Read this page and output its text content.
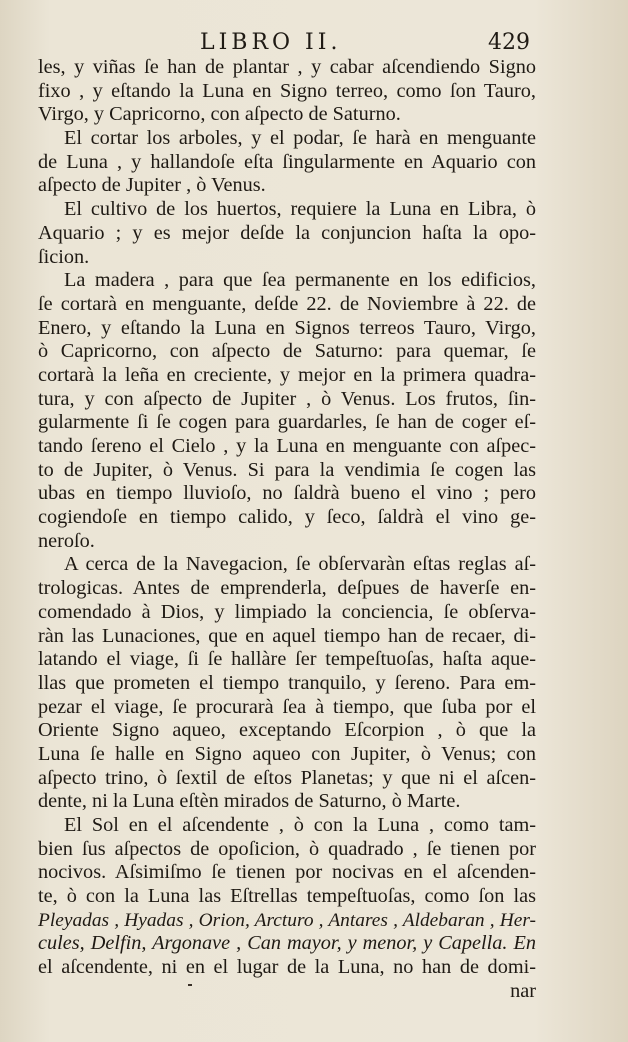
LIBRO II.	429
les, y viñas ſe han de plantar , y cabar aſcendiendo Signo
fixo , y eſtando la Luna en Signo terreo, como ſon Tauro,
Virgo, y Capricorno, con aſpecto de Saturno.
El cortar los arboles, y el podar, ſe harà en menguante
de Luna , y hallandoſe eſta ſingularmente en Aquario con
aſpecto de Jupiter , ò Venus.
El cultivo de los huertos, requiere la Luna en Libra, ò
Aquario ; y es mejor deſde la conjuncion haſta la opo-
ſicion.
La madera , para que ſea permanente en los edificios,
ſe cortarà en menguante, deſde 22. de Noviembre à 22. de
Enero, y eſtando la Luna en Signos terreos Tauro, Virgo,
ò Capricorno, con aſpecto de Saturno: para quemar, ſe
cortarà la leña en creciente, y mejor en la primera quadra-
tura, y con aſpecto de Jupiter , ò Venus. Los frutos, ſin-
gularmente ſi ſe cogen para guardarles, ſe han de coger eſ-
tando ſereno el Cielo , y la Luna en menguante con aſpec-
to de Jupiter, ò Venus. Si para la vendimia ſe cogen las
ubas en tiempo lluvioſo, no ſaldrà bueno el vino ; pero
cogiendoſe en tiempo calido, y ſeco, ſaldrà el vino ge-
neroſo.
A cerca de la Navegacion, ſe obſervaràn eſtas reglas aſ-
trologicas. Antes de emprenderla, deſpues de haverſe en-
comendado à Dios, y limpiado la conciencia, ſe obſerva-
ràn las Lunaciones, que en aquel tiempo han de recaer, di-
latando el viage, ſi ſe hallàre ſer tempeſtuoſas, haſta aque-
llas que prometen el tiempo tranquilo, y ſereno. Para em-
pezar el viage, ſe procurarà ſea à tiempo, que ſuba por el
Oriente Signo aqueo, exceptando Eſcorpion , ò que la
Luna ſe halle en Signo aqueo con Jupiter, ò Venus; con
aſpecto trino, ò ſextil de eſtos Planetas; y que ni el aſcen-
dente, ni la Luna eſtèn mirados de Saturno, ò Marte.
El Sol en el aſcendente , ò con la Luna , como tam-
bien ſus aſpectos de opoſicion, ò quadrado , ſe tienen por
nocivos. Aſsimiſmo ſe tienen por nocivas en el aſcenden-
te, ò con la Luna las Eſtrellas tempeſtuoſas, como ſon las
Pleyadas , Hyadas , Orion, Arcturo , Antares , Aldebaran , Her-
cules, Delfin, Argonave , Can mayor, y menor, y Capella. En
el aſcendente, ni en el lugar de la Luna, no han de domi-
nar
